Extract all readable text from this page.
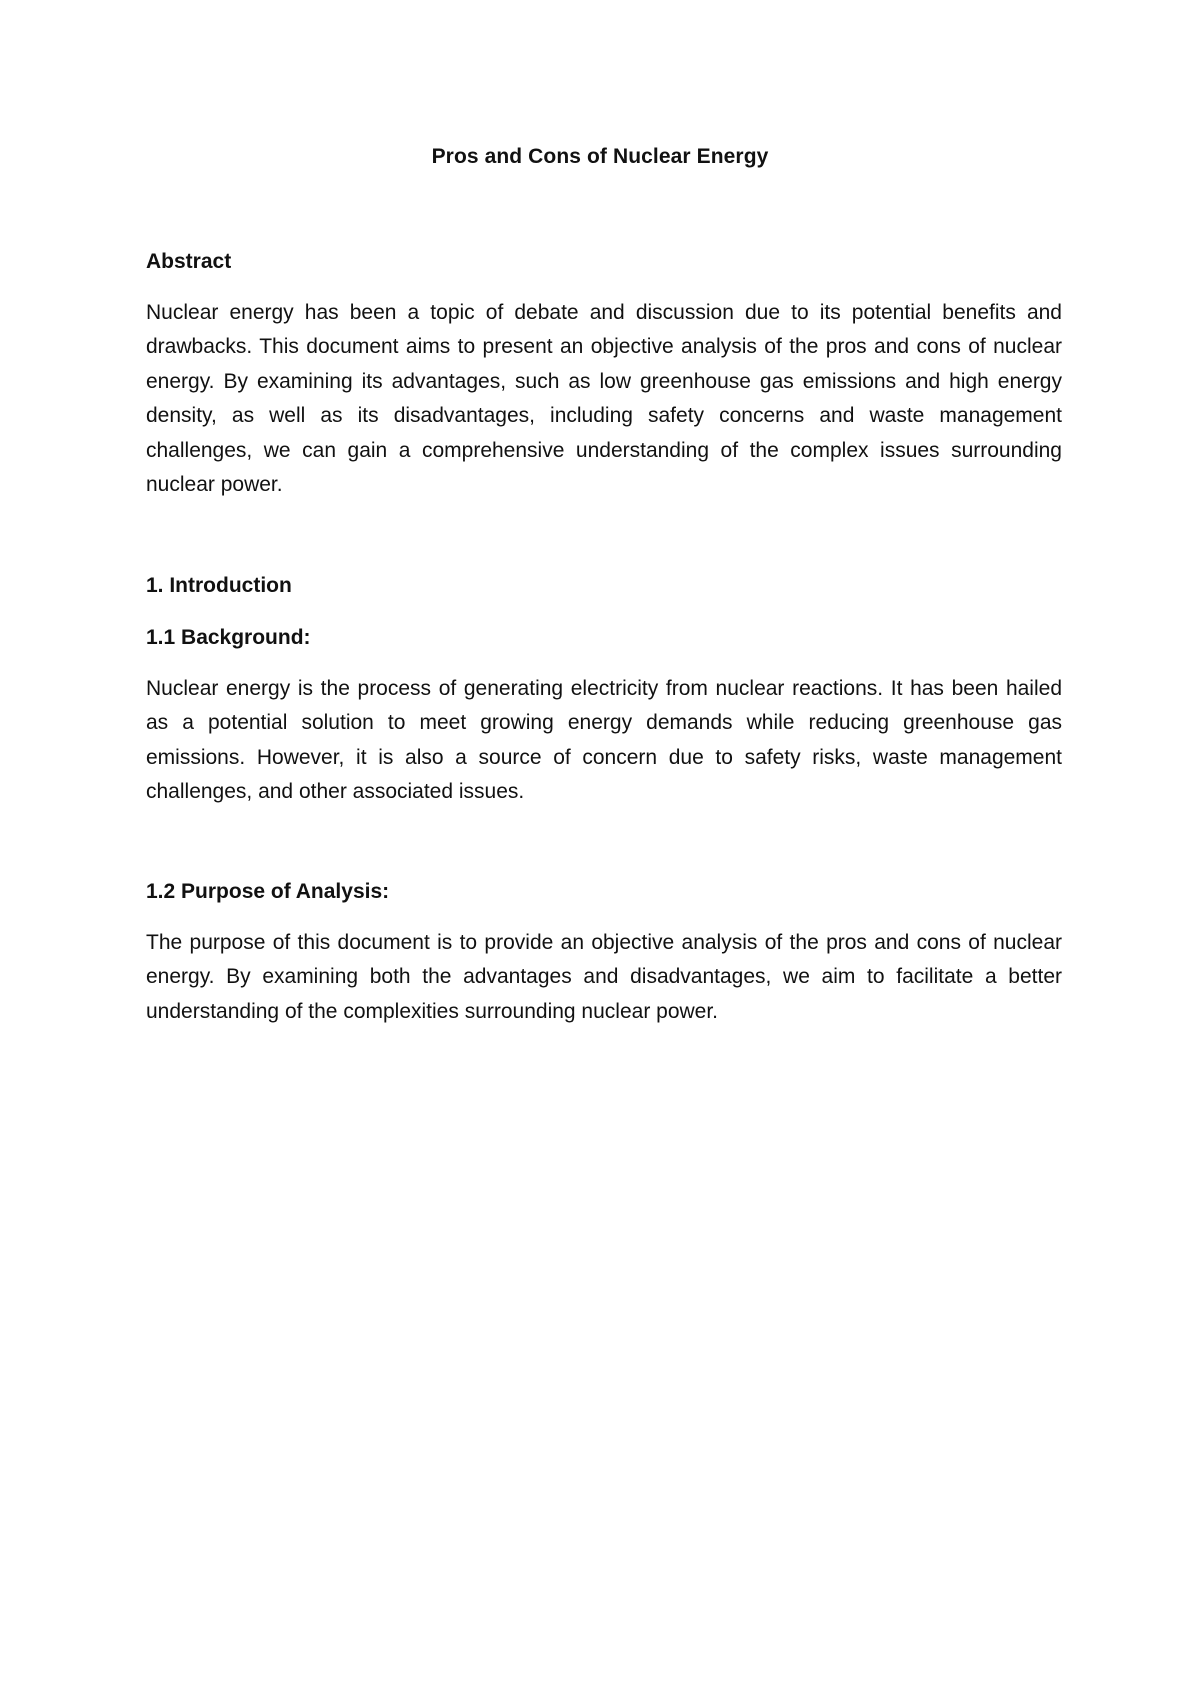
Pros and Cons of Nuclear Energy
Abstract

Nuclear energy has been a topic of debate and discussion due to its potential benefits and drawbacks. This document aims to present an objective analysis of the pros and cons of nuclear energy. By examining its advantages, such as low greenhouse gas emissions and high energy density, as well as its disadvantages, including safety concerns and waste management challenges, we can gain a comprehensive understanding of the complex issues surrounding nuclear power.

1. Introduction
1.1 Background:

Nuclear energy is the process of generating electricity from nuclear reactions. It has been hailed as a potential solution to meet growing energy demands while reducing greenhouse gas emissions. However, it is also a source of concern due to safety risks, waste management challenges, and other associated issues.

1.2 Purpose of Analysis:

The purpose of this document is to provide an objective analysis of the pros and cons of nuclear energy. By examining both the advantages and disadvantages, we aim to facilitate a better understanding of the complexities surrounding nuclear power.
